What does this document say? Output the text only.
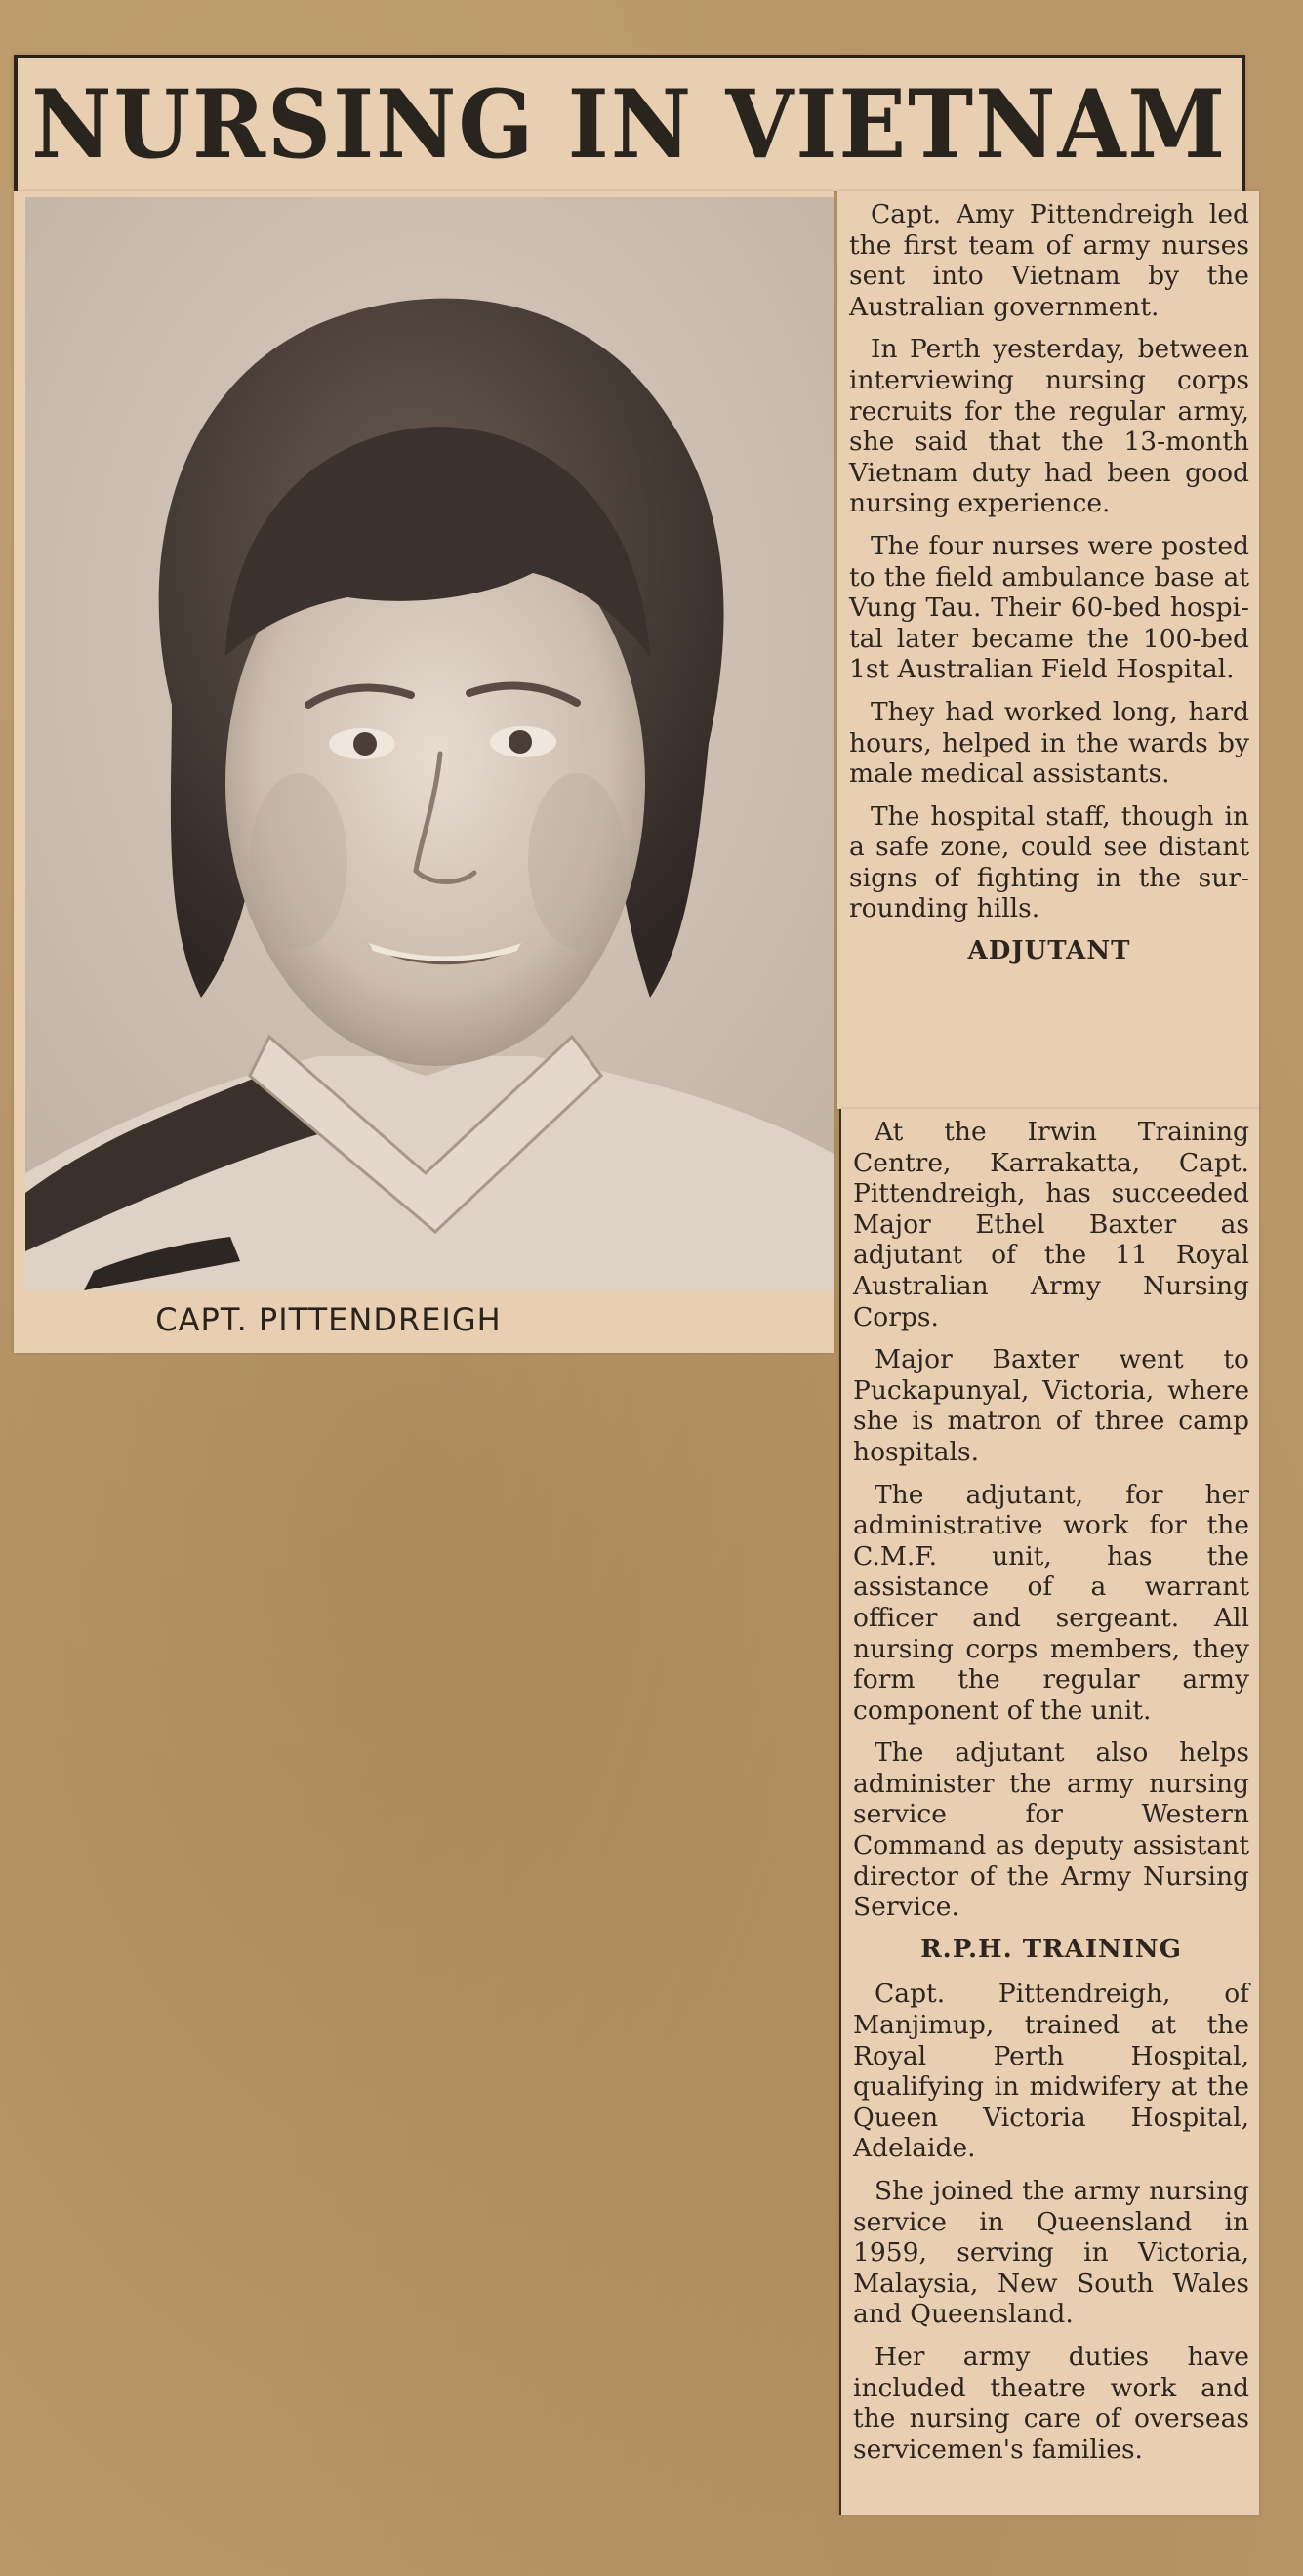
NURSING IN VIETNAM
CAPT. PITTENDREIGH

Capt. Amy Pittendreigh led the first team of army nurses sent into Vietnam by the Australian government.

In Perth yesterday, between interviewing nursing corps recruits for the regular army, she said that the 13-month Vietnam duty had been good nursing experience.

The four nurses were posted to the field ambulance base at Vung Tau. Their 60-bed hospital later became the 100-bed 1st Australian Field Hospital.

They had worked long, hard hours, helped in the wards by male medical assistants.

The hospital staff, though in a safe zone, could see distant signs of fighting in the surrounding hills.

ADJUTANT

At the Irwin Training Centre, Karrakatta, Capt. Pittendreigh, has succeeded Major Ethel Baxter as adjutant of the 11 Royal Australian Army Nursing Corps.

Major Baxter went to Puckapunyal, Victoria, where she is matron of three camp hospitals.

The adjutant, for her administrative work for the C.M.F. unit, has the assistance of a warrant officer and sergeant. All nursing corps members, they form the regular army component of the unit.

The adjutant also helps administer the army nursing service for Western Command as deputy assistant director of the Army Nursing Service.

R.P.H. TRAINING

Capt. Pittendreigh, of Manjimup, trained at the Royal Perth Hospital, qualifying in midwifery at the Queen Victoria Hospital, Adelaide.

She joined the army nursing service in Queensland in 1959, serving in Victoria, Malaysia, New South Wales and Queensland.

Her army duties have included theatre work and the nursing care of overseas servicemen's families.
